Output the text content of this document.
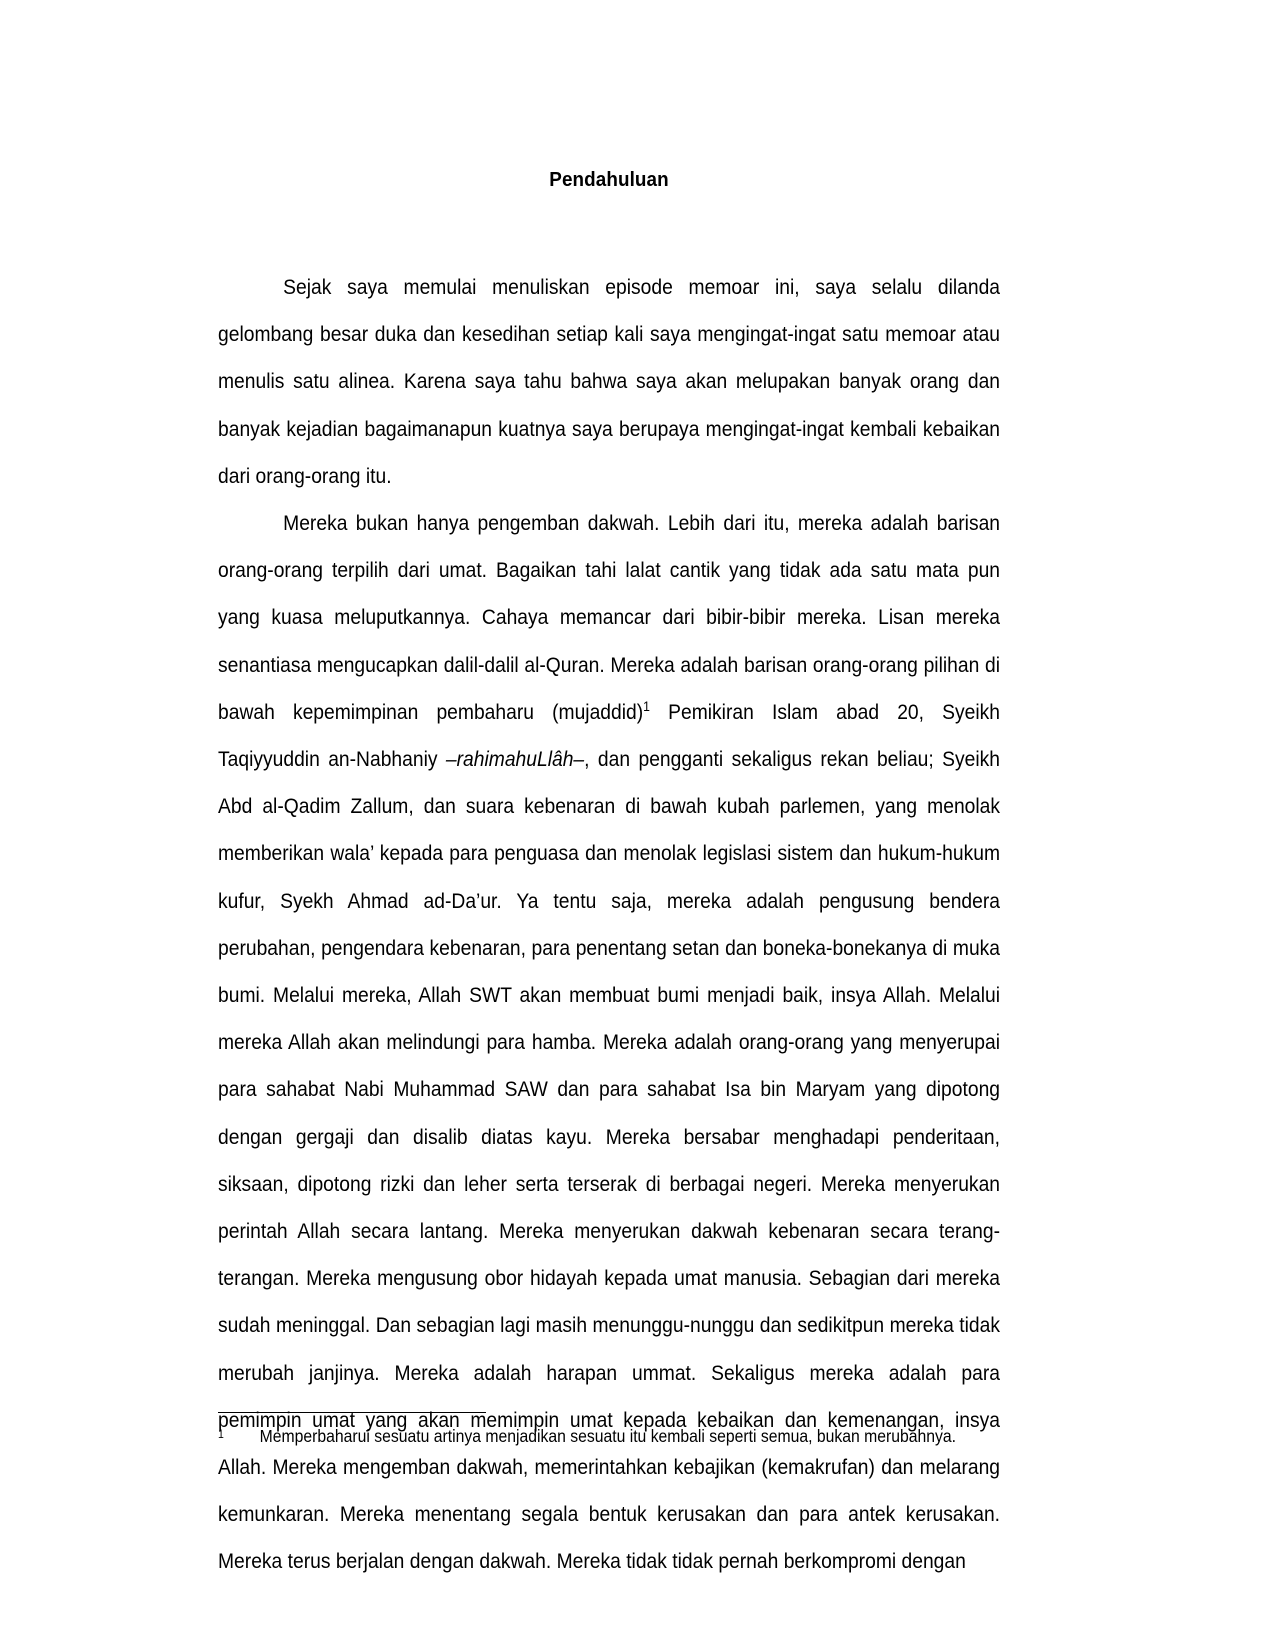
Pendahuluan

Sejak saya memulai menuliskan episode memoar ini, saya selalu dilanda gelombang besar duka dan kesedihan setiap kali saya mengingat-ingat satu memoar atau menulis satu alinea. Karena saya tahu bahwa saya akan melupakan banyak orang dan banyak kejadian bagaimanapun kuatnya saya berupaya mengingat-ingat kembali kebaikan dari orang-orang itu.

Mereka bukan hanya pengemban dakwah. Lebih dari itu, mereka adalah barisan orang-orang terpilih dari umat. Bagaikan tahi lalat cantik yang tidak ada satu mata pun yang kuasa meluputkannya. Cahaya memancar dari bibir-bibir mereka. Lisan mereka senantiasa mengucapkan dalil-dalil al-Quran. Mereka adalah barisan orang-orang pilihan di bawah kepemimpinan pembaharu (mujaddid)$^1$ Pemikiran Islam abad 20, Syeikh Taqiyyuddin an-Nabhaniy –rahimahuLlâh–, dan pengganti sekaligus rekan beliau; Syeikh Abd al-Qadim Zallum, dan suara kebenaran di bawah kubah parlemen, yang menolak memberikan wala’ kepada para penguasa dan menolak legislasi sistem dan hukum-hukum kufur, Syekh Ahmad ad-Da’ur. Ya tentu saja, mereka adalah pengusung bendera perubahan, pengendara kebenaran, para penentang setan dan boneka-bonekanya di muka bumi. Melalui mereka, Allah SWT akan membuat bumi menjadi baik, insya Allah. Melalui mereka Allah akan melindungi para hamba. Mereka adalah orang-orang yang menyerupai para sahabat Nabi Muhammad SAW dan para sahabat Isa bin Maryam yang dipotong dengan gergaji dan disalib diatas kayu. Mereka bersabar menghadapi penderitaan, siksaan, dipotong rizki dan leher serta terserak di berbagai negeri. Mereka menyerukan perintah Allah secara lantang. Mereka menyerukan dakwah kebenaran secara terang-terangan. Mereka mengusung obor hidayah kepada umat manusia. Sebagian dari mereka sudah meninggal. Dan sebagian lagi masih menunggu-nunggu dan sedikitpun mereka tidak merubah janjinya. Mereka adalah harapan ummat. Sekaligus mereka adalah para pemimpin umat yang akan memimpin umat kepada kebaikan dan kemenangan, insya Allah. Mereka mengemban dakwah, memerintahkan kebajikan (kemakrufan) dan melarang kemunkaran. Mereka menentang segala bentuk kerusakan dan para antek kerusakan. Mereka terus berjalan dengan dakwah. Mereka tidak tidak pernah berkompromi dengan

1 Memperbaharui sesuatu artinya menjadikan sesuatu itu kembali seperti semua, bukan merubahnya.
